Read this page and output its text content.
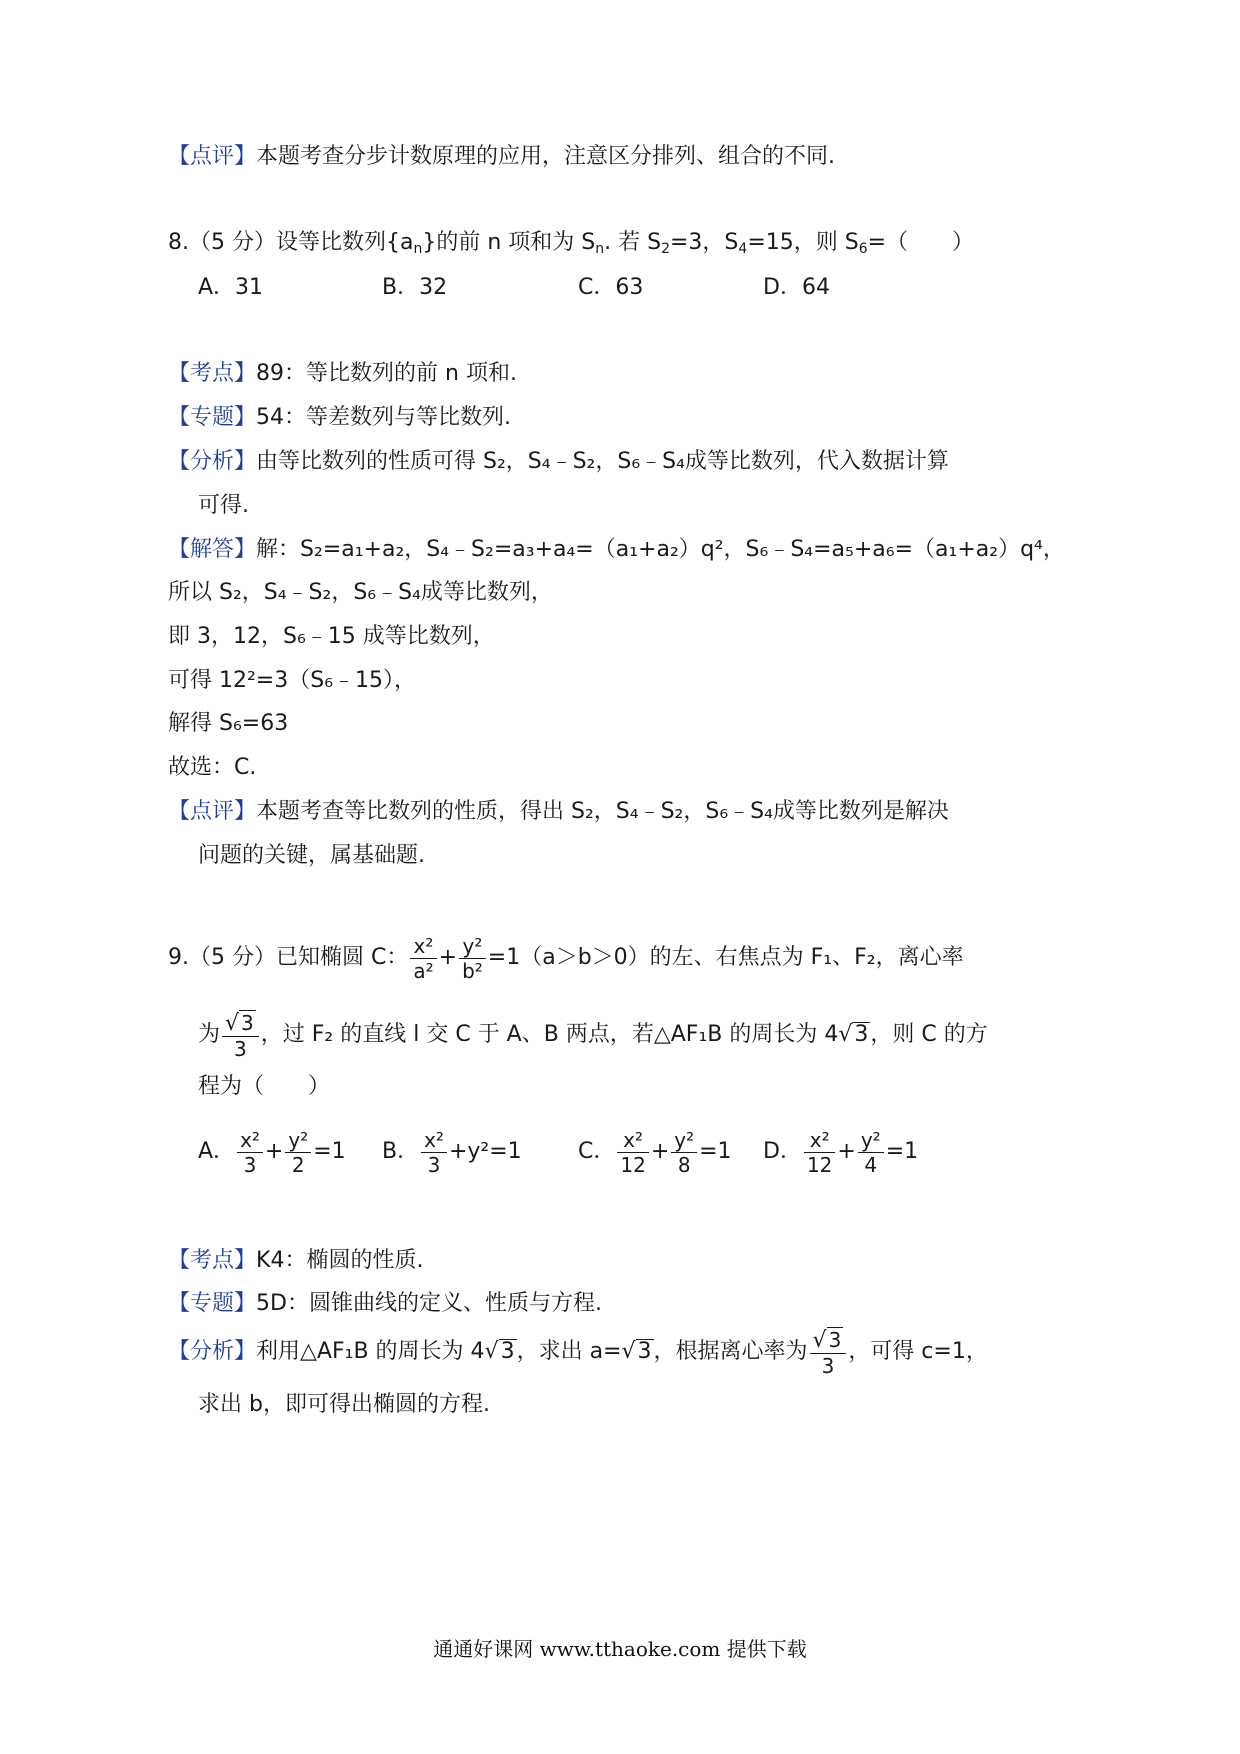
【点评】本题考查分步计数原理的应用，注意区分排列、组合的不同.
8.（5 分）设等比数列$\{a_n\}$的前 n 项和为 $S_n$. 若 $S_2=3$，$S_4=15$，则 $S_6=$（　　）
A．31	B．32	C．63	D．64
【考点】89：等比数列的前 n 项和.
【专题】54：等差数列与等比数列.
【分析】由等比数列的性质可得 S₂，S₄﹣S₂，S₆﹣S₄成等比数列，代入数据计算
可得.
【解答】解：S₂=a₁+a₂，S₄﹣S₂=a₃+a₄=（a₁+a₂）q²，S₆﹣S₄=a₅+a₆=（a₁+a₂）q⁴，
所以 S₂，S₄﹣S₂，S₆﹣S₄成等比数列，
即 3，12，S₆﹣15 成等比数列，
可得 12²=3（S₆﹣15），
解得 S₆=63
故选：C.
【点评】本题考查等比数列的性质，得出 S₂，S₄﹣S₂，S₆﹣S₄成等比数列是解决
问题的关键，属基础题.
9.（5 分）已知椭圆 C： $\frac{\text{x²}}{\text{a²}} + \frac{\text{y²}}{\text{b²}} =1(a>b>0)$的左、右焦点为 F₁、F₂，离心率
为 $\frac{√ 3}{3}$ ，过 F₂ 的直线 l 交 C 于 A、B 两点，若△AF₁B 的周长为 4√3，则 C 的方
程为（　　）
A． $\frac{\text{x²}}{3} + \frac{\text{y²}}{2} =1$ B． $\frac{\text{x²}}{3} +y^2=1$	C． $\frac{\text{x²}}{12} + \frac{\text{y²}}{8} =1$ D． $\frac{\text{x²}}{12} + \frac{\text{y²}}{4} =1$
【考点】K4：椭圆的性质.
【专题】5D：圆锥曲线的定义、性质与方程.
【分析】利用△AF₁B 的周长为 4√3，求出 a=√3，根据离心率为 $\frac{√ 3}{3}$ ，可得 c=1，
求出 b，即可得出椭圆的方程.
通通好课网 www.tthaoke.com 提供下载
